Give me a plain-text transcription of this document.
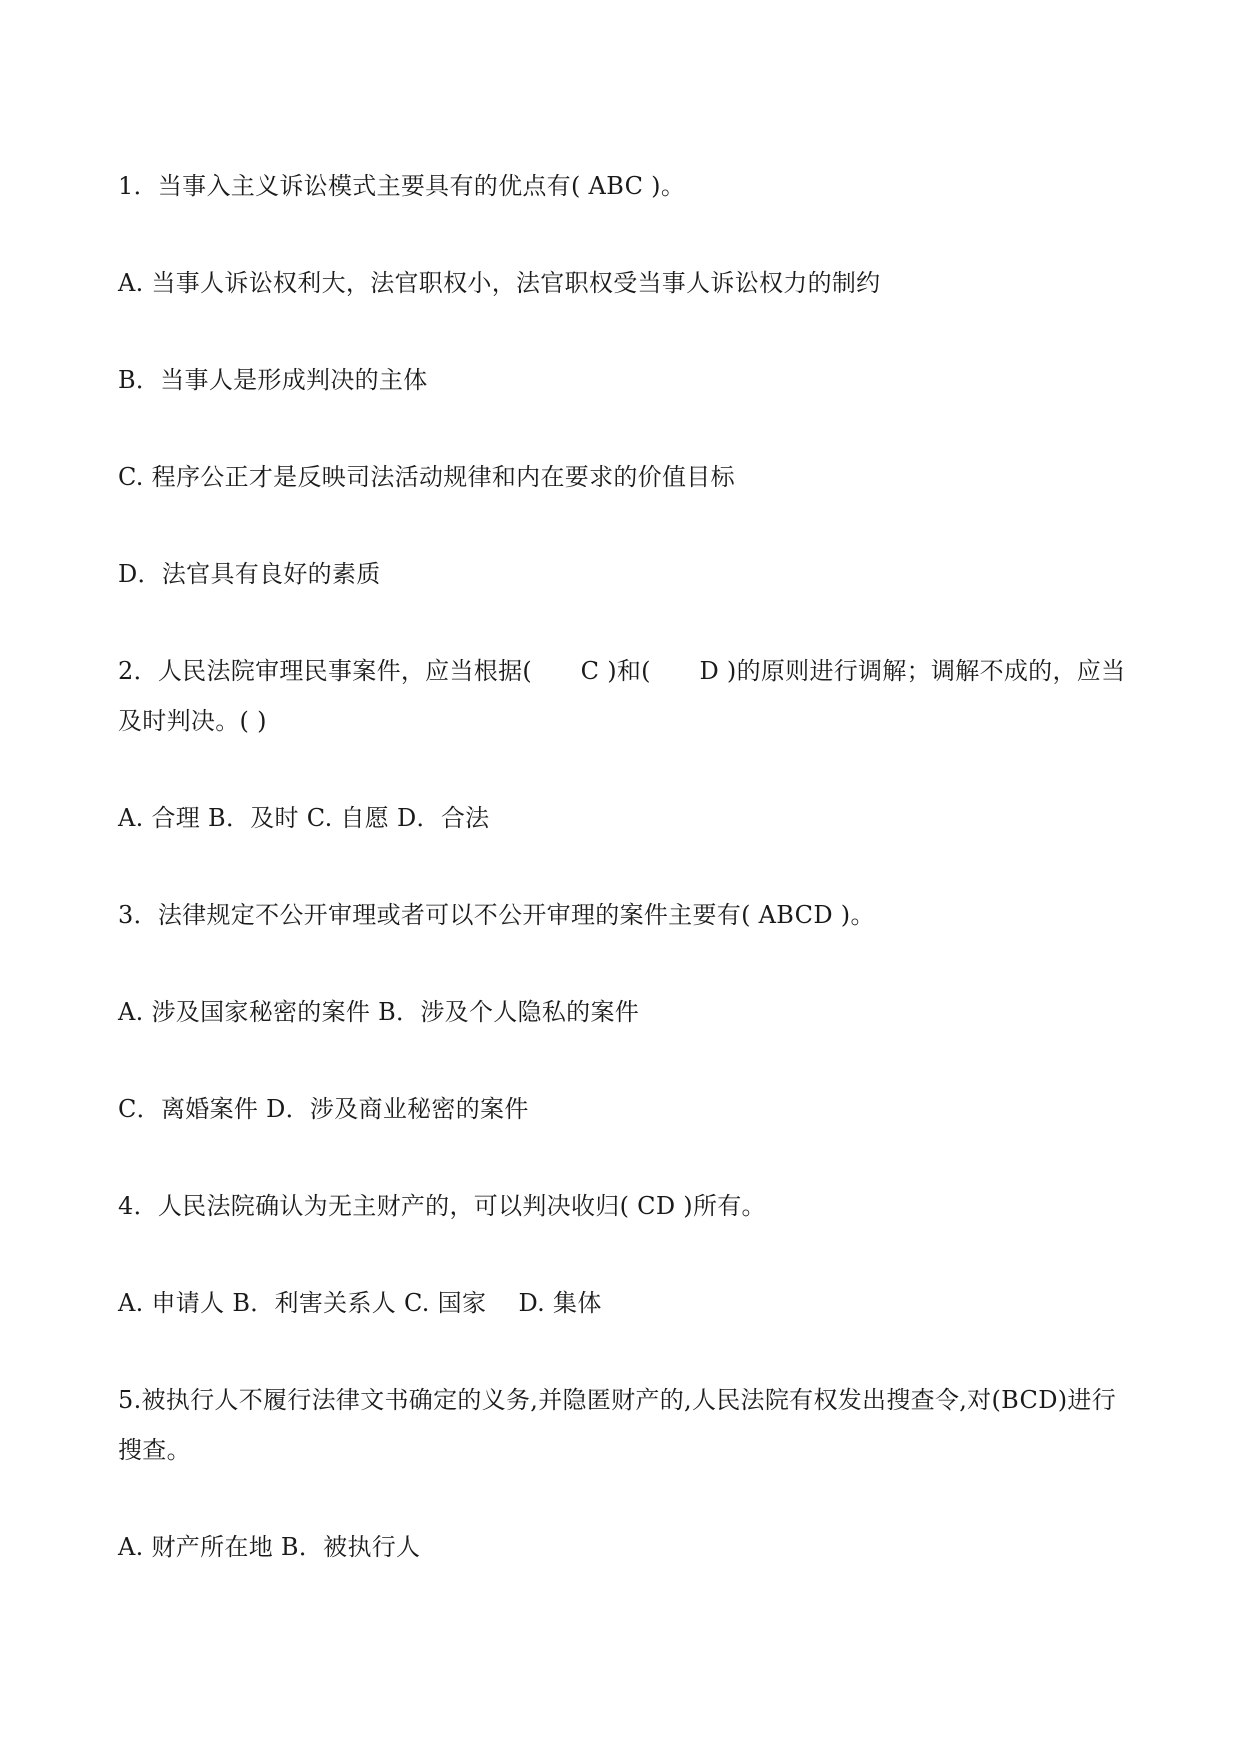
1．当事入主义诉讼模式主要具有的优点有( ABC )。

A. 当事人诉讼权利大，法官职权小，法官职权受当事人诉讼权力的制约

B．当事人是形成判决的主体

C. 程序公正才是反映司法活动规律和内在要求的价值目标

D．法官具有良好的素质

2．人民法院审理民事案件，应当根据(　　C )和(　　D )的原则进行调解；调解不成的，应当及时判决。( )

A. 合理 B．及时 C. 自愿 D．合法

3．法律规定不公开审理或者可以不公开审理的案件主要有( ABCD )。

A. 涉及国家秘密的案件 B．涉及个人隐私的案件

C．离婚案件 D．涉及商业秘密的案件

4．人民法院确认为无主财产的，可以判决收归( CD )所有。

A. 申请人 B．利害关系人 C. 国家　 D. 集体

5.被执行人不履行法律文书确定的义务,并隐匿财产的,人民法院有权发出搜查令,对(BCD)进行搜查。

A. 财产所在地 B．被执行人
